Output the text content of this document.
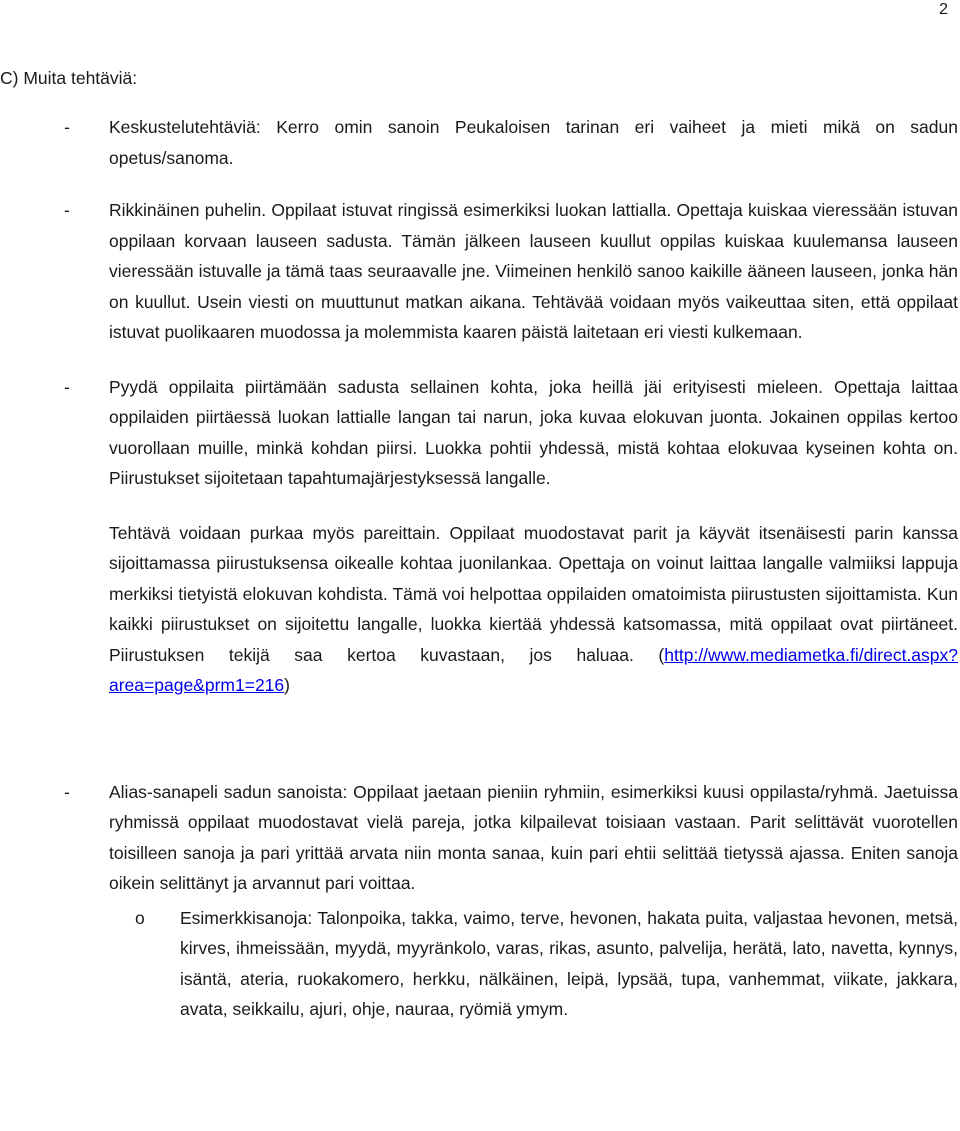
2
C) Muita tehtäviä:
- Keskustelutehtäviä: Kerro omin sanoin Peukaloisen tarinan eri vaiheet ja mieti mikä on sadun opetus/sanoma.
- Rikkinäinen puhelin. Oppilaat istuvat ringissä esimerkiksi luokan lattialla. Opettaja kuiskaa vieressään istuvan oppilaan korvaan lauseen sadusta. Tämän jälkeen lauseen kuullut oppilas kuiskaa kuulemansa lauseen vieressään istuvalle ja tämä taas seuraavalle jne. Viimeinen henkilö sanoo kaikille ääneen lauseen, jonka hän on kuullut. Usein viesti on muuttunut matkan aikana. Tehtävää voidaan myös vaikeuttaa siten, että oppilaat istuvat puolikaaren muodossa ja molemmista kaaren päistä laitetaan eri viesti kulkemaan.
- Pyydä oppilaita piirtämään sadusta sellainen kohta, joka heillä jäi erityisesti mieleen. Opettaja laittaa oppilaiden piirtäessä luokan lattialle langan tai narun, joka kuvaa elokuvan juonta. Jokainen oppilas kertoo vuorollaan muille, minkä kohdan piirsi. Luokka pohtii yhdessä, mistä kohtaa elokuvaa kyseinen kohta on. Piirustukset sijoitetaan tapahtumajärjestyksessä langalle.
Tehtävä voidaan purkaa myös pareittain. Oppilaat muodostavat parit ja käyvät itsenäisesti parin kanssa sijoittamassa piirustuksensa oikealle kohtaa juonilankaa. Opettaja on voinut laittaa langalle valmiiksi lappuja merkiksi tietyistä elokuvan kohdista. Tämä voi helpottaa oppilaiden omatoimista piirustusten sijoittamista. Kun kaikki piirustukset on sijoitettu langalle, luokka kiertää yhdessä katsomassa, mitä oppilaat ovat piirtäneet. Piirustuksen tekijä saa kertoa kuvastaan, jos haluaa. (http://www.mediametka.fi/direct.aspx?area=page&prm1=216)
- Alias-sanapeli sadun sanoista: Oppilaat jaetaan pieniin ryhmiin, esimerkiksi kuusi oppilasta/ryhmä. Jaetuissa ryhmissä oppilaat muodostavat vielä pareja, jotka kilpailevat toisiaan vastaan. Parit selittävät vuorotellen toisilleen sanoja ja pari yrittää arvata niin monta sanaa, kuin pari ehtii selittää tietyssä ajassa. Eniten sanoja oikein selittänyt ja arvannut pari voittaa.
o Esimerkkisanoja: Talonpoika, takka, vaimo, terve, hevonen, hakata puita, valjastaa hevonen, metsä, kirves, ihmeissään, myydä, myyränkolo, varas, rikas, asunto, palvelija, herätä, lato, navetta, kynnys, isäntä, ateria, ruokakomero, herkku, nälkäinen, leipä, lypsää, tupa, vanhemmat, viikate, jakkara, avata, seikkailu, ajuri, ohje, nauraa, ryömiä ymym.
